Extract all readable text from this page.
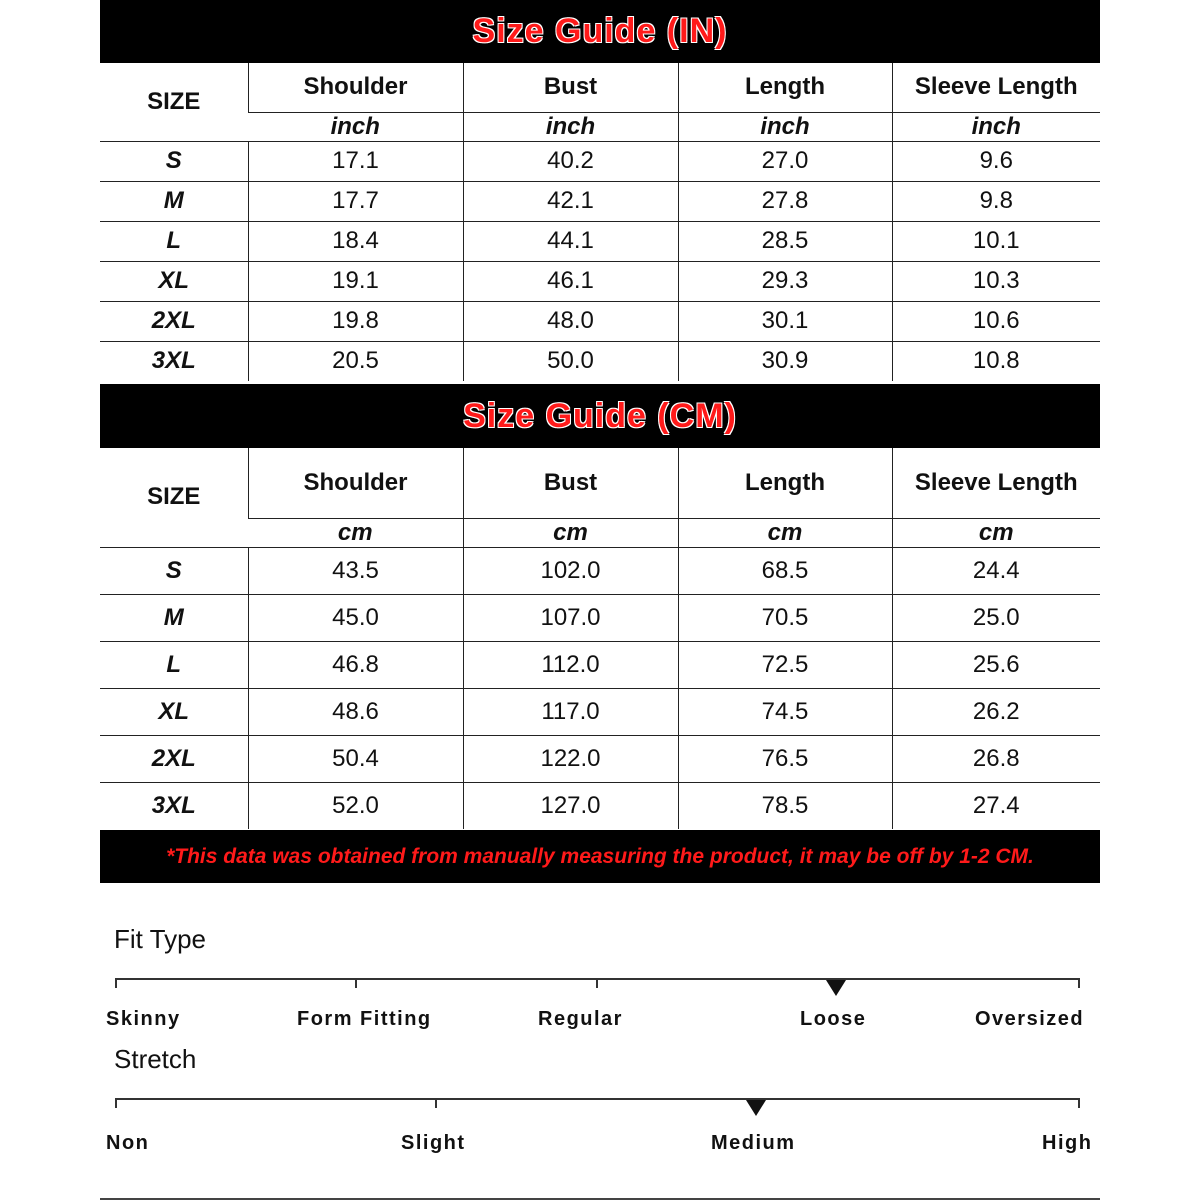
Size Guide (IN)
SIZE	Shoulder	Bust	Length	Sleeve Length
	inch	inch	inch	inch
S	17.1	40.2	27.0	9.6
M	17.7	42.1	27.8	9.8
L	18.4	44.1	28.5	10.1
XL	19.1	46.1	29.3	10.3
2XL	19.8	48.0	30.1	10.6
3XL	20.5	50.0	30.9	10.8
Size Guide (CM)
SIZE	Shoulder	Bust	Length	Sleeve Length
	cm	cm	cm	cm
S	43.5	102.0	68.5	24.4
M	45.0	107.0	70.5	25.0
L	46.8	112.0	72.5	25.6
XL	48.6	117.0	74.5	26.2
2XL	50.4	122.0	76.5	26.8
3XL	52.0	127.0	78.5	27.4
*This data was obtained from manually measuring the product, it may be off by 1-2 CM.
Fit Type
Skinny	Form Fitting	Regular	Loose	Oversized
Stretch
Non	Slight	Medium	High
